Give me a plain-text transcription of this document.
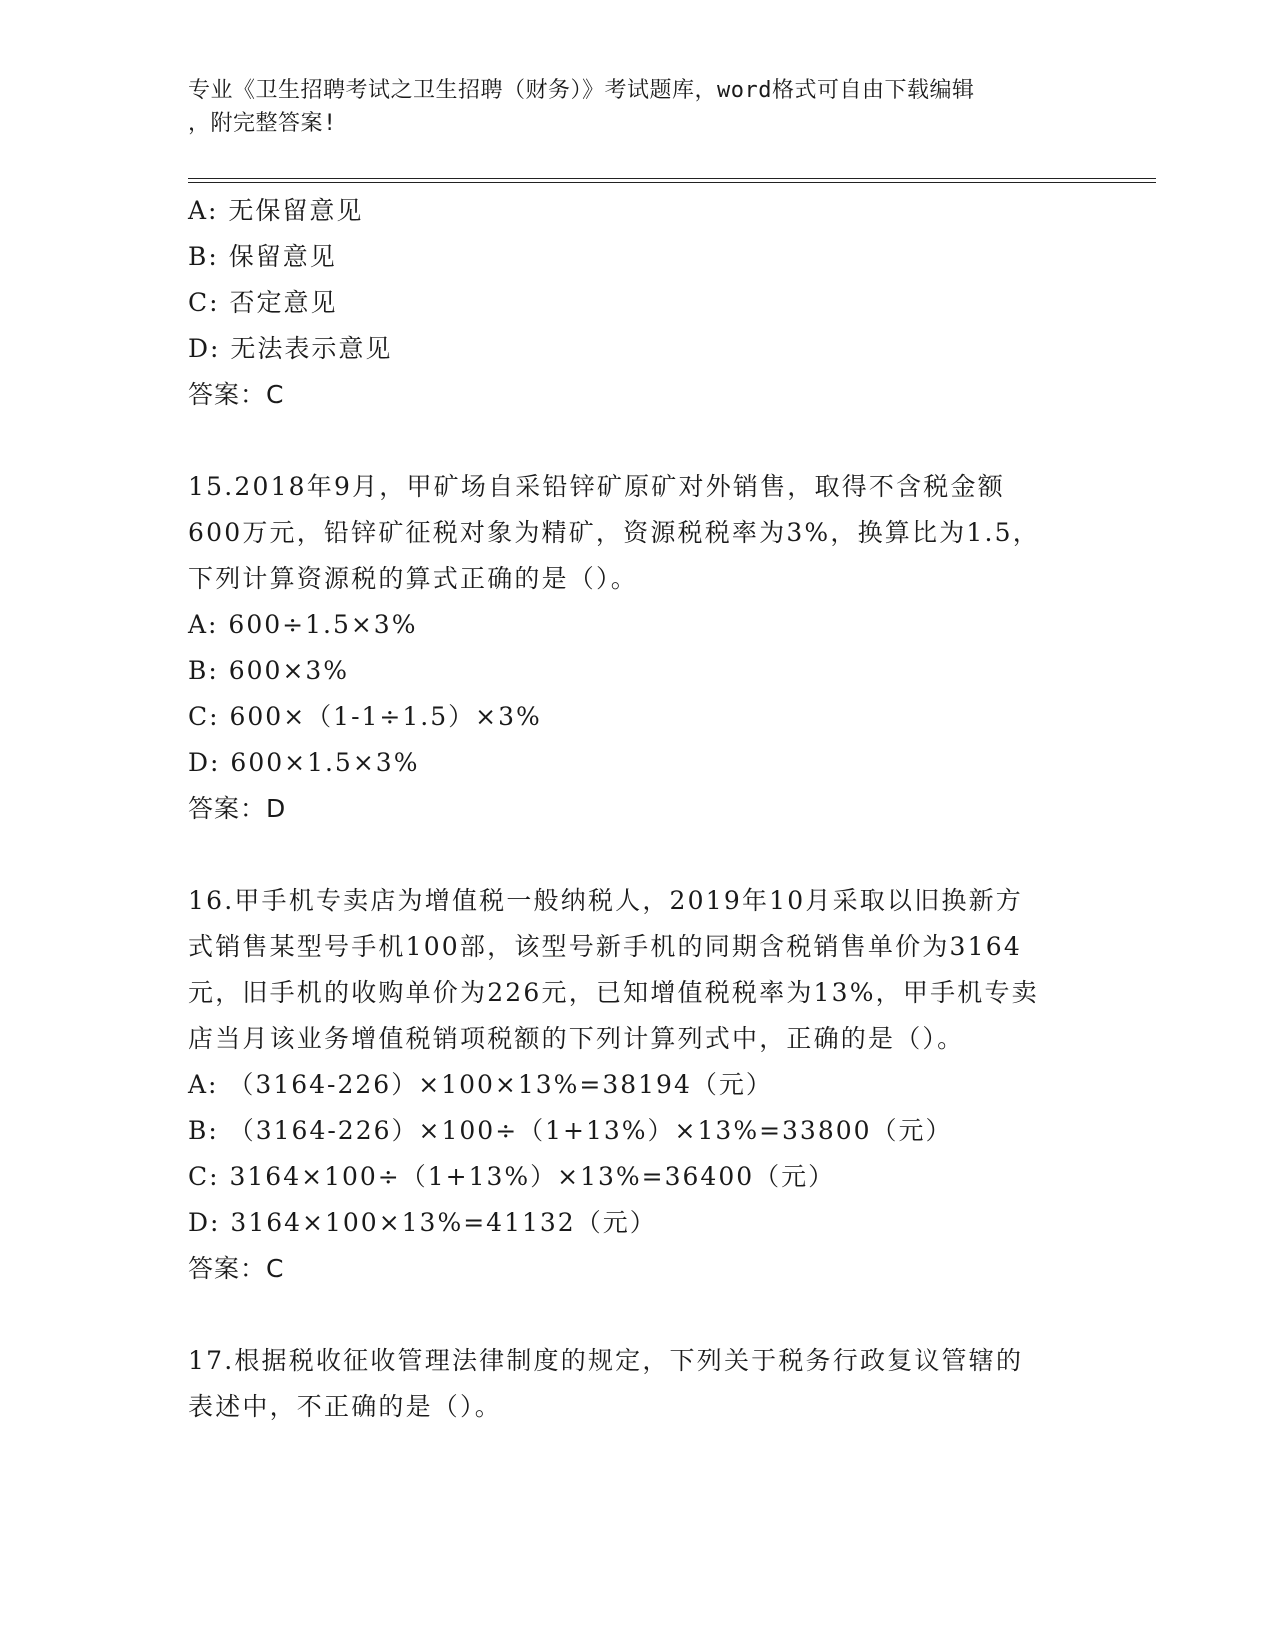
专业《卫生招聘考试之卫生招聘（财务）》考试题库，word格式可自由下载编辑
，附完整答案!
A: 无保留意见
B: 保留意见
C: 否定意见
D: 无法表示意见
答案：C
15.2018年9月，甲矿场自采铅锌矿原矿对外销售，取得不含税金额
600万元，铅锌矿征税对象为精矿，资源税税率为3%，换算比为1.5，
下列计算资源税的算式正确的是（）。
A: 600÷1.5×3%
B: 600×3%
C: 600×（1-1÷1.5）×3%
D: 600×1.5×3%
答案：D
16.甲手机专卖店为增值税一般纳税人，2019年10月采取以旧换新方
式销售某型号手机100部，该型号新手机的同期含税销售单价为3164
元，旧手机的收购单价为226元，已知增值税税率为13%，甲手机专卖
店当月该业务增值税销项税额的下列计算列式中，正确的是（）。
A: （3164-226）×100×13%=38194（元）
B: （3164-226）×100÷（1+13%）×13%=33800（元）
C: 3164×100÷（1+13%）×13%=36400（元）
D: 3164×100×13%=41132（元）
答案：C
17.根据税收征收管理法律制度的规定，下列关于税务行政复议管辖的
表述中，不正确的是（）。
